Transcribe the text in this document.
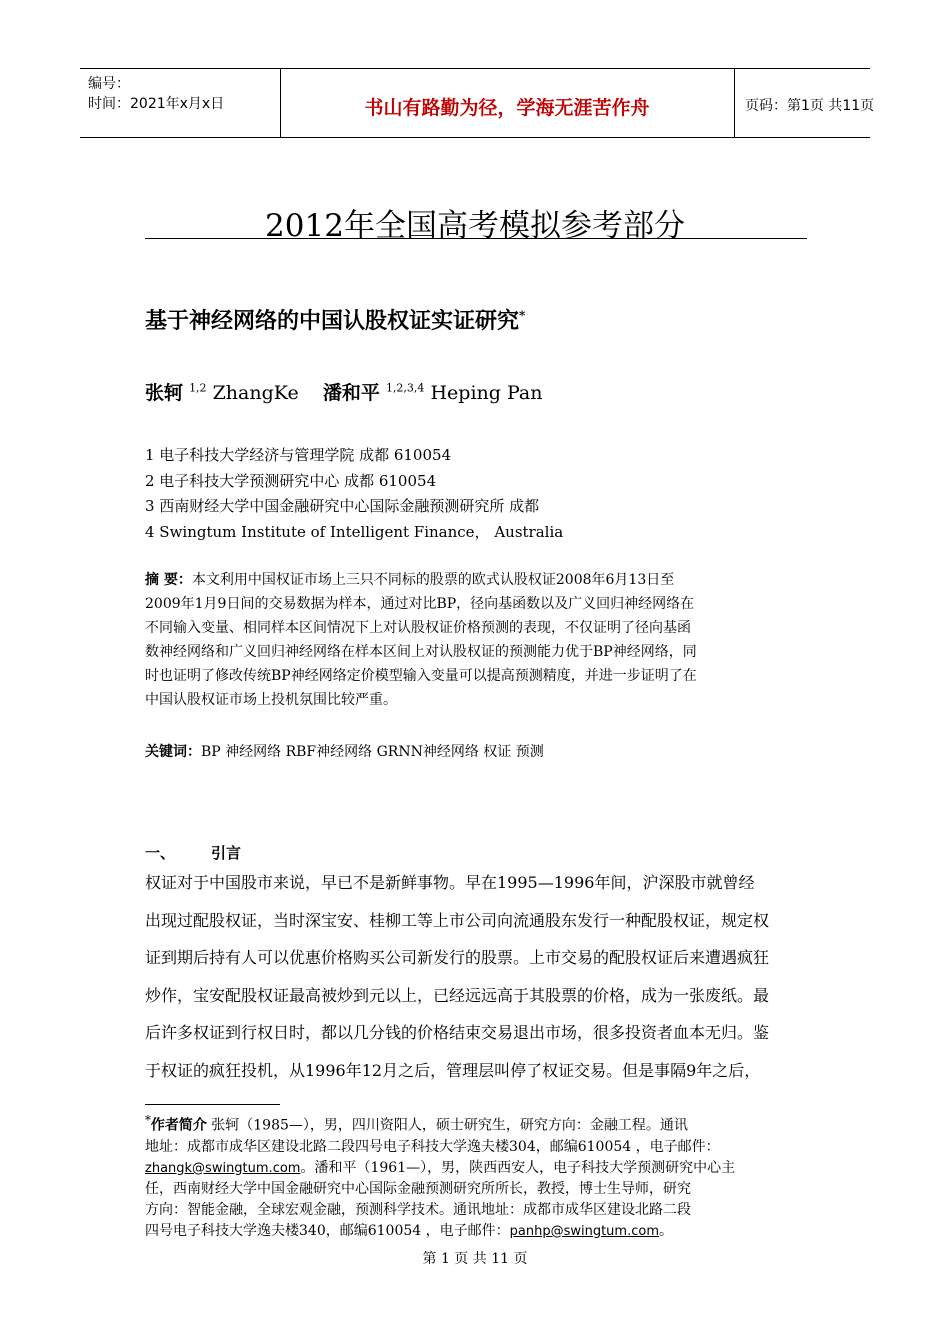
编号：
时间：2021年x月x日	书山有路勤为径，学海无涯苦作舟	页码：第1页 共11页
2012年全国高考模拟参考部分
基于神经网络的中国认股权证实证研究*
张轲 $^{1,2}$ ZhangKe 潘和平 $^{1,2,3,4}$ Heping Pan
1 电子科技大学经济与管理学院 成都 610054
2 电子科技大学预测研究中心 成都 610054
3 西南财经大学中国金融研究中心国际金融预测研究所 成都
4 Swingtum Institute of Intelligent Finance， Australia
摘 要：本文利用中国权证市场上三只不同标的股票的欧式认股权证2008年6月13日至
2009年1月9日间的交易数据为样本，通过对比BP，径向基函数以及广义回归神经网络在
不同输入变量、相同样本区间情况下上对认股权证价格预测的表现，不仅证明了径向基函
数神经网络和广义回归神经网络在样本区间上对认股权证的预测能力优于BP神经网络，同
时也证明了修改传统BP神经网络定价模型输入变量可以提高预测精度，并进一步证明了在
中国认股权证市场上投机氛围比较严重。
关键词：BP 神经网络 RBF神经网络 GRNN神经网络 权证 预测
一、 引言
权证对于中国股市来说，早已不是新鲜事物。早在1995—1996年间，沪深股市就曾经
出现过配股权证，当时深宝安、桂柳工等上市公司向流通股东发行一种配股权证，规定权
证到期后持有人可以优惠价格购买公司新发行的股票。上市交易的配股权证后来遭遇疯狂
炒作，宝安配股权证最高被炒到元以上，已经远远高于其股票的价格，成为一张废纸。最
后许多权证到行权日时，都以几分钱的价格结束交易退出市场，很多投资者血本无归。鉴
于权证的疯狂投机，从1996年12月之后，管理层叫停了权证交易。但是事隔9年之后，
*作者简介 张轲（1985—），男，四川资阳人，硕士研究生，研究方向：金融工程。通讯
地址：成都市成华区建设北路二段四号电子科技大学逸夫楼304，邮编610054 ，电子邮件：
zhangk@swingtum.com。潘和平（1961—），男，陕西西安人，电子科技大学预测研究中心主
任，西南财经大学中国金融研究中心国际金融预测研究所所长，教授，博士生导师，研究
方向：智能金融，全球宏观金融，预测科学技术。通讯地址：成都市成华区建设北路二段
四号电子科技大学逸夫楼340，邮编610054 ，电子邮件：panhp@swingtum.com。
第 1 页 共 11 页
